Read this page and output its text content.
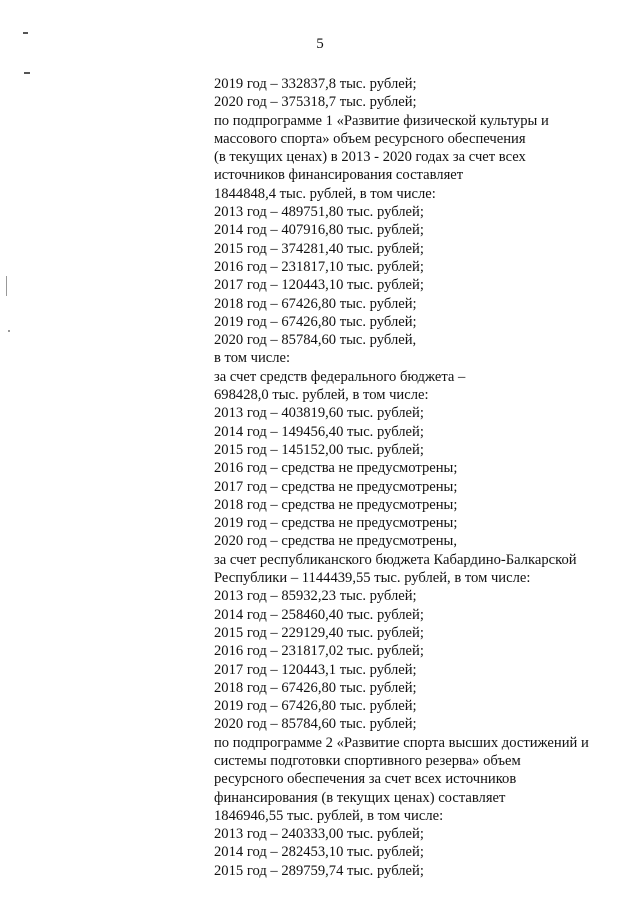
5
2019 год – 332837,8 тыс. рублей;
2020 год – 375318,7 тыс. рублей;
по подпрограмме 1 «Развитие физической культуры и
массового спорта» объем ресурсного обеспечения
(в текущих ценах) в 2013 - 2020 годах за счет всех
источников финансирования составляет
1844848,4 тыс. рублей, в том числе:
2013 год – 489751,80 тыс. рублей;
2014 год – 407916,80 тыс. рублей;
2015 год – 374281,40 тыс. рублей;
2016 год – 231817,10 тыс. рублей;
2017 год – 120443,10 тыс. рублей;
2018 год – 67426,80 тыс. рублей;
2019 год – 67426,80 тыс. рублей;
2020 год – 85784,60 тыс. рублей,
в том числе:
за счет средств федерального бюджета –
698428,0 тыс. рублей, в том числе:
2013 год – 403819,60 тыс. рублей;
2014 год – 149456,40 тыс. рублей;
2015 год – 145152,00 тыс. рублей;
2016 год – средства не предусмотрены;
2017 год – средства не предусмотрены;
2018 год – средства не предусмотрены;
2019 год – средства не предусмотрены;
2020 год – средства не предусмотрены,
за счет республиканского бюджета Кабардино-Балкарской
Республики – 1144439,55 тыс. рублей, в том числе:
2013 год – 85932,23 тыс. рублей;
2014 год – 258460,40 тыс. рублей;
2015 год – 229129,40 тыс. рублей;
2016 год – 231817,02 тыс. рублей;
2017 год – 120443,1 тыс. рублей;
2018 год – 67426,80 тыс. рублей;
2019 год – 67426,80 тыс. рублей;
2020 год – 85784,60 тыс. рублей;
по подпрограмме 2 «Развитие спорта высших достижений и
системы подготовки спортивного резерва» объем
ресурсного обеспечения за счет всех источников
финансирования (в текущих ценах) составляет
1846946,55 тыс. рублей, в том числе:
2013 год – 240333,00 тыс. рублей;
2014 год – 282453,10 тыс. рублей;
2015 год – 289759,74 тыс. рублей;
